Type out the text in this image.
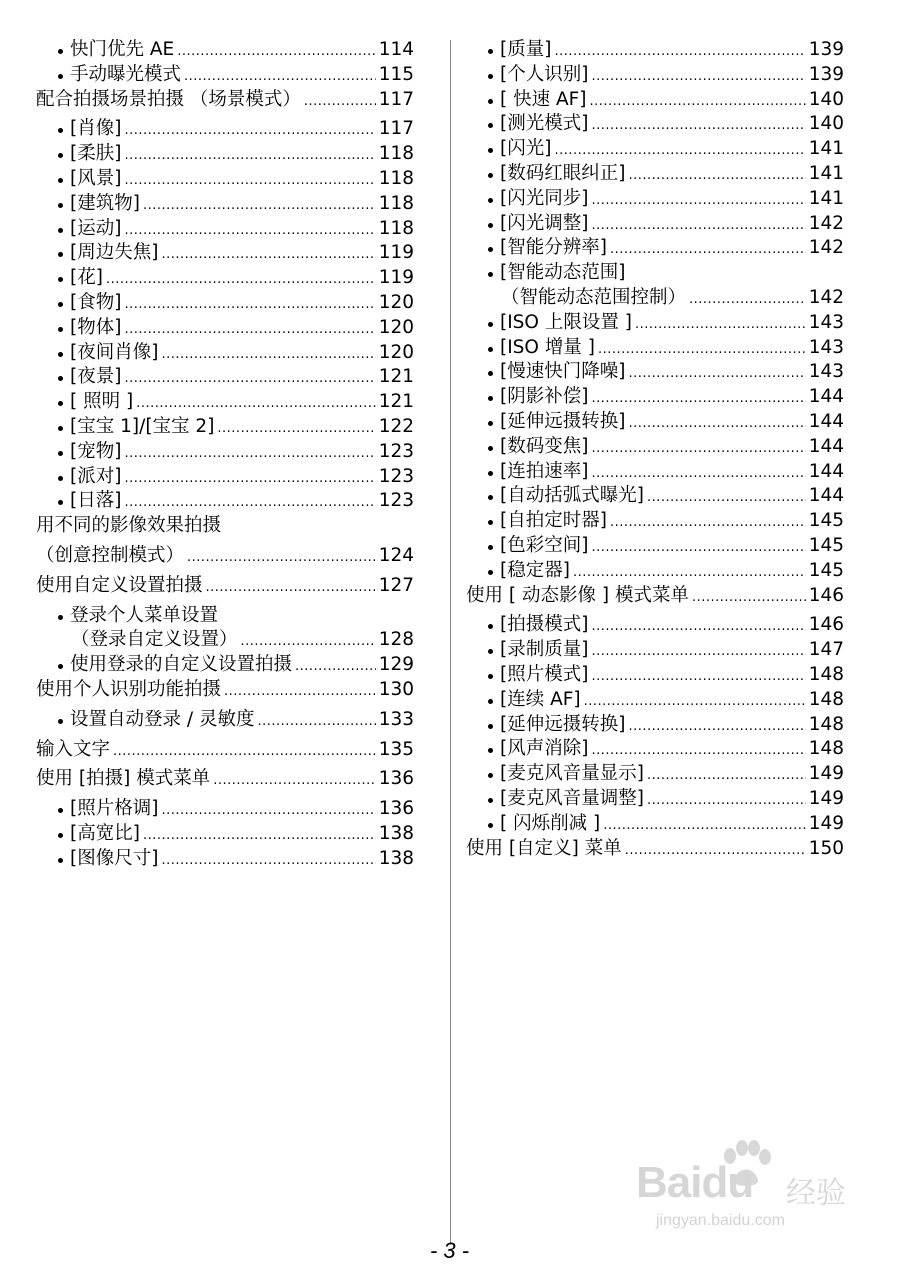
快门优先 AE .....	114
手动曝光模式 .....	115
配合拍摄场景拍摄 （场景模式） .....	117
[肖像] .....	117
[柔肤] .....	118
[风景] .....	118
[建筑物] .....	118
[运动] .....	118
[周边失焦] .....	119
[花] .....	119
[食物] .....	120
[物体] .....	120
[夜间肖像] .....	120
[夜景] .....	121
[ 照明 ] .....	121
[宝宝 1]/[宝宝 2] .....	122
[宠物] .....	123
[派对] .....	123
[日落] .....	123
用不同的影像效果拍摄
（创意控制模式） .....	124
使用自定义设置拍摄 .....	127
登录个人菜单设置
（登录自定义设置） .....	128
使用登录的自定义设置拍摄 .....	129
使用个人识别功能拍摄 .....	130
设置自动登录 / 灵敏度 .....	133
输入文字 .....	135
使用 [拍摄] 模式菜单 .....	136
[照片格调] .....	136
[高宽比] .....	138
[图像尺寸] .....	138
[质量] .....	139
[个人识别] .....	139
[ 快速 AF] .....	140
[测光模式] .....	140
[闪光] .....	141
[数码红眼纠正] .....	141
[闪光同步] .....	141
[闪光调整] .....	142
[智能分辨率] .....	142
[智能动态范围]
（智能动态范围控制） .....	142
[ISO 上限设置 ] .....	143
[ISO 增量 ] .....	143
[慢速快门降噪] .....	143
[阴影补偿] .....	144
[延伸远摄转换] .....	144
[数码变焦] .....	144
[连拍速率] .....	144
[自动括弧式曝光] .....	144
[自拍定时器] .....	145
[色彩空间] .....	145
[稳定器] .....	145
使用 [ 动态影像 ] 模式菜单 .....	146
[拍摄模式] .....	146
[录制质量] .....	147
[照片模式] .....	148
[连续 AF] .....	148
[延伸远摄转换] .....	148
[风声消除] .....	148
[麦克风音量显示] .....	149
[麦克风音量调整] .....	149
[ 闪烁削减 ] .....	149
使用 [自定义] 菜单 .....	150
- 3 -
Baidu 经验
jingyan.baidu.com
